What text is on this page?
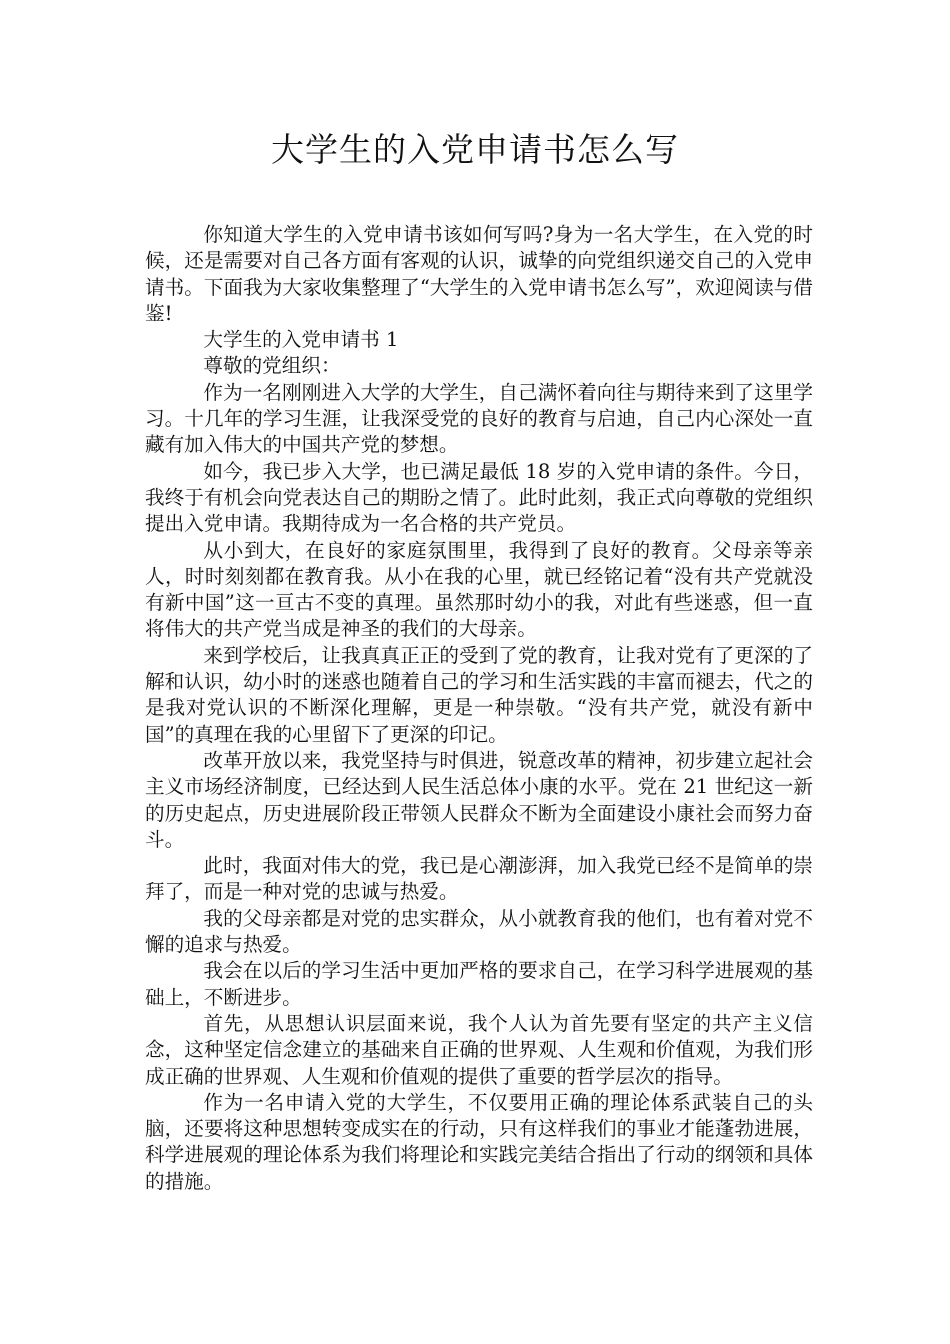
大学生的入党申请书怎么写

你知道大学生的入党申请书该如何写吗?身为一名大学生，在入党的时候，还是需要对自己各方面有客观的认识，诚挚的向党组织递交自己的入党申请书。下面我为大家收集整理了“大学生的入党申请书怎么写”，欢迎阅读与借鉴!

大学生的入党申请书 1

尊敬的党组织：

作为一名刚刚进入大学的大学生，自己满怀着向往与期待来到了这里学习。十几年的学习生涯，让我深受党的良好的教育与启迪，自己内心深处一直藏有加入伟大的中国共产党的梦想。

如今，我已步入大学，也已满足最低 18 岁的入党申请的条件。今日，我终于有机会向党表达自己的期盼之情了。此时此刻，我正式向尊敬的党组织提出入党申请。我期待成为一名合格的共产党员。

从小到大，在良好的家庭氛围里，我得到了良好的教育。父母亲等亲人，时时刻刻都在教育我。从小在我的心里，就已经铭记着“没有共产党就没有新中国”这一亘古不变的真理。虽然那时幼小的我，对此有些迷惑，但一直将伟大的共产党当成是神圣的我们的大母亲。

来到学校后，让我真真正正的受到了党的教育，让我对党有了更深的了解和认识，幼小时的迷惑也随着自己的学习和生活实践的丰富而褪去，代之的是我对党认识的不断深化理解，更是一种崇敬。“没有共产党，就没有新中国”的真理在我的心里留下了更深的印记。

改革开放以来，我党坚持与时俱进，锐意改革的精神，初步建立起社会主义市场经济制度，已经达到人民生活总体小康的水平。党在 21 世纪这一新的历史起点，历史进展阶段正带领人民群众不断为全面建设小康社会而努力奋斗。

此时，我面对伟大的党，我已是心潮澎湃，加入我党已经不是简单的崇拜了，而是一种对党的忠诚与热爱。

我的父母亲都是对党的忠实群众，从小就教育我的他们，也有着对党不懈的追求与热爱。

我会在以后的学习生活中更加严格的要求自己，在学习科学进展观的基础上，不断进步。

首先，从思想认识层面来说，我个人认为首先要有坚定的共产主义信念，这种坚定信念建立的基础来自正确的世界观、人生观和价值观，为我们形成正确的世界观、人生观和价值观的提供了重要的哲学层次的指导。

作为一名申请入党的大学生，不仅要用正确的理论体系武装自己的头脑，还要将这种思想转变成实在的行动，只有这样我们的事业才能蓬勃进展，科学进展观的理论体系为我们将理论和实践完美结合指出了行动的纲领和具体的措施。
